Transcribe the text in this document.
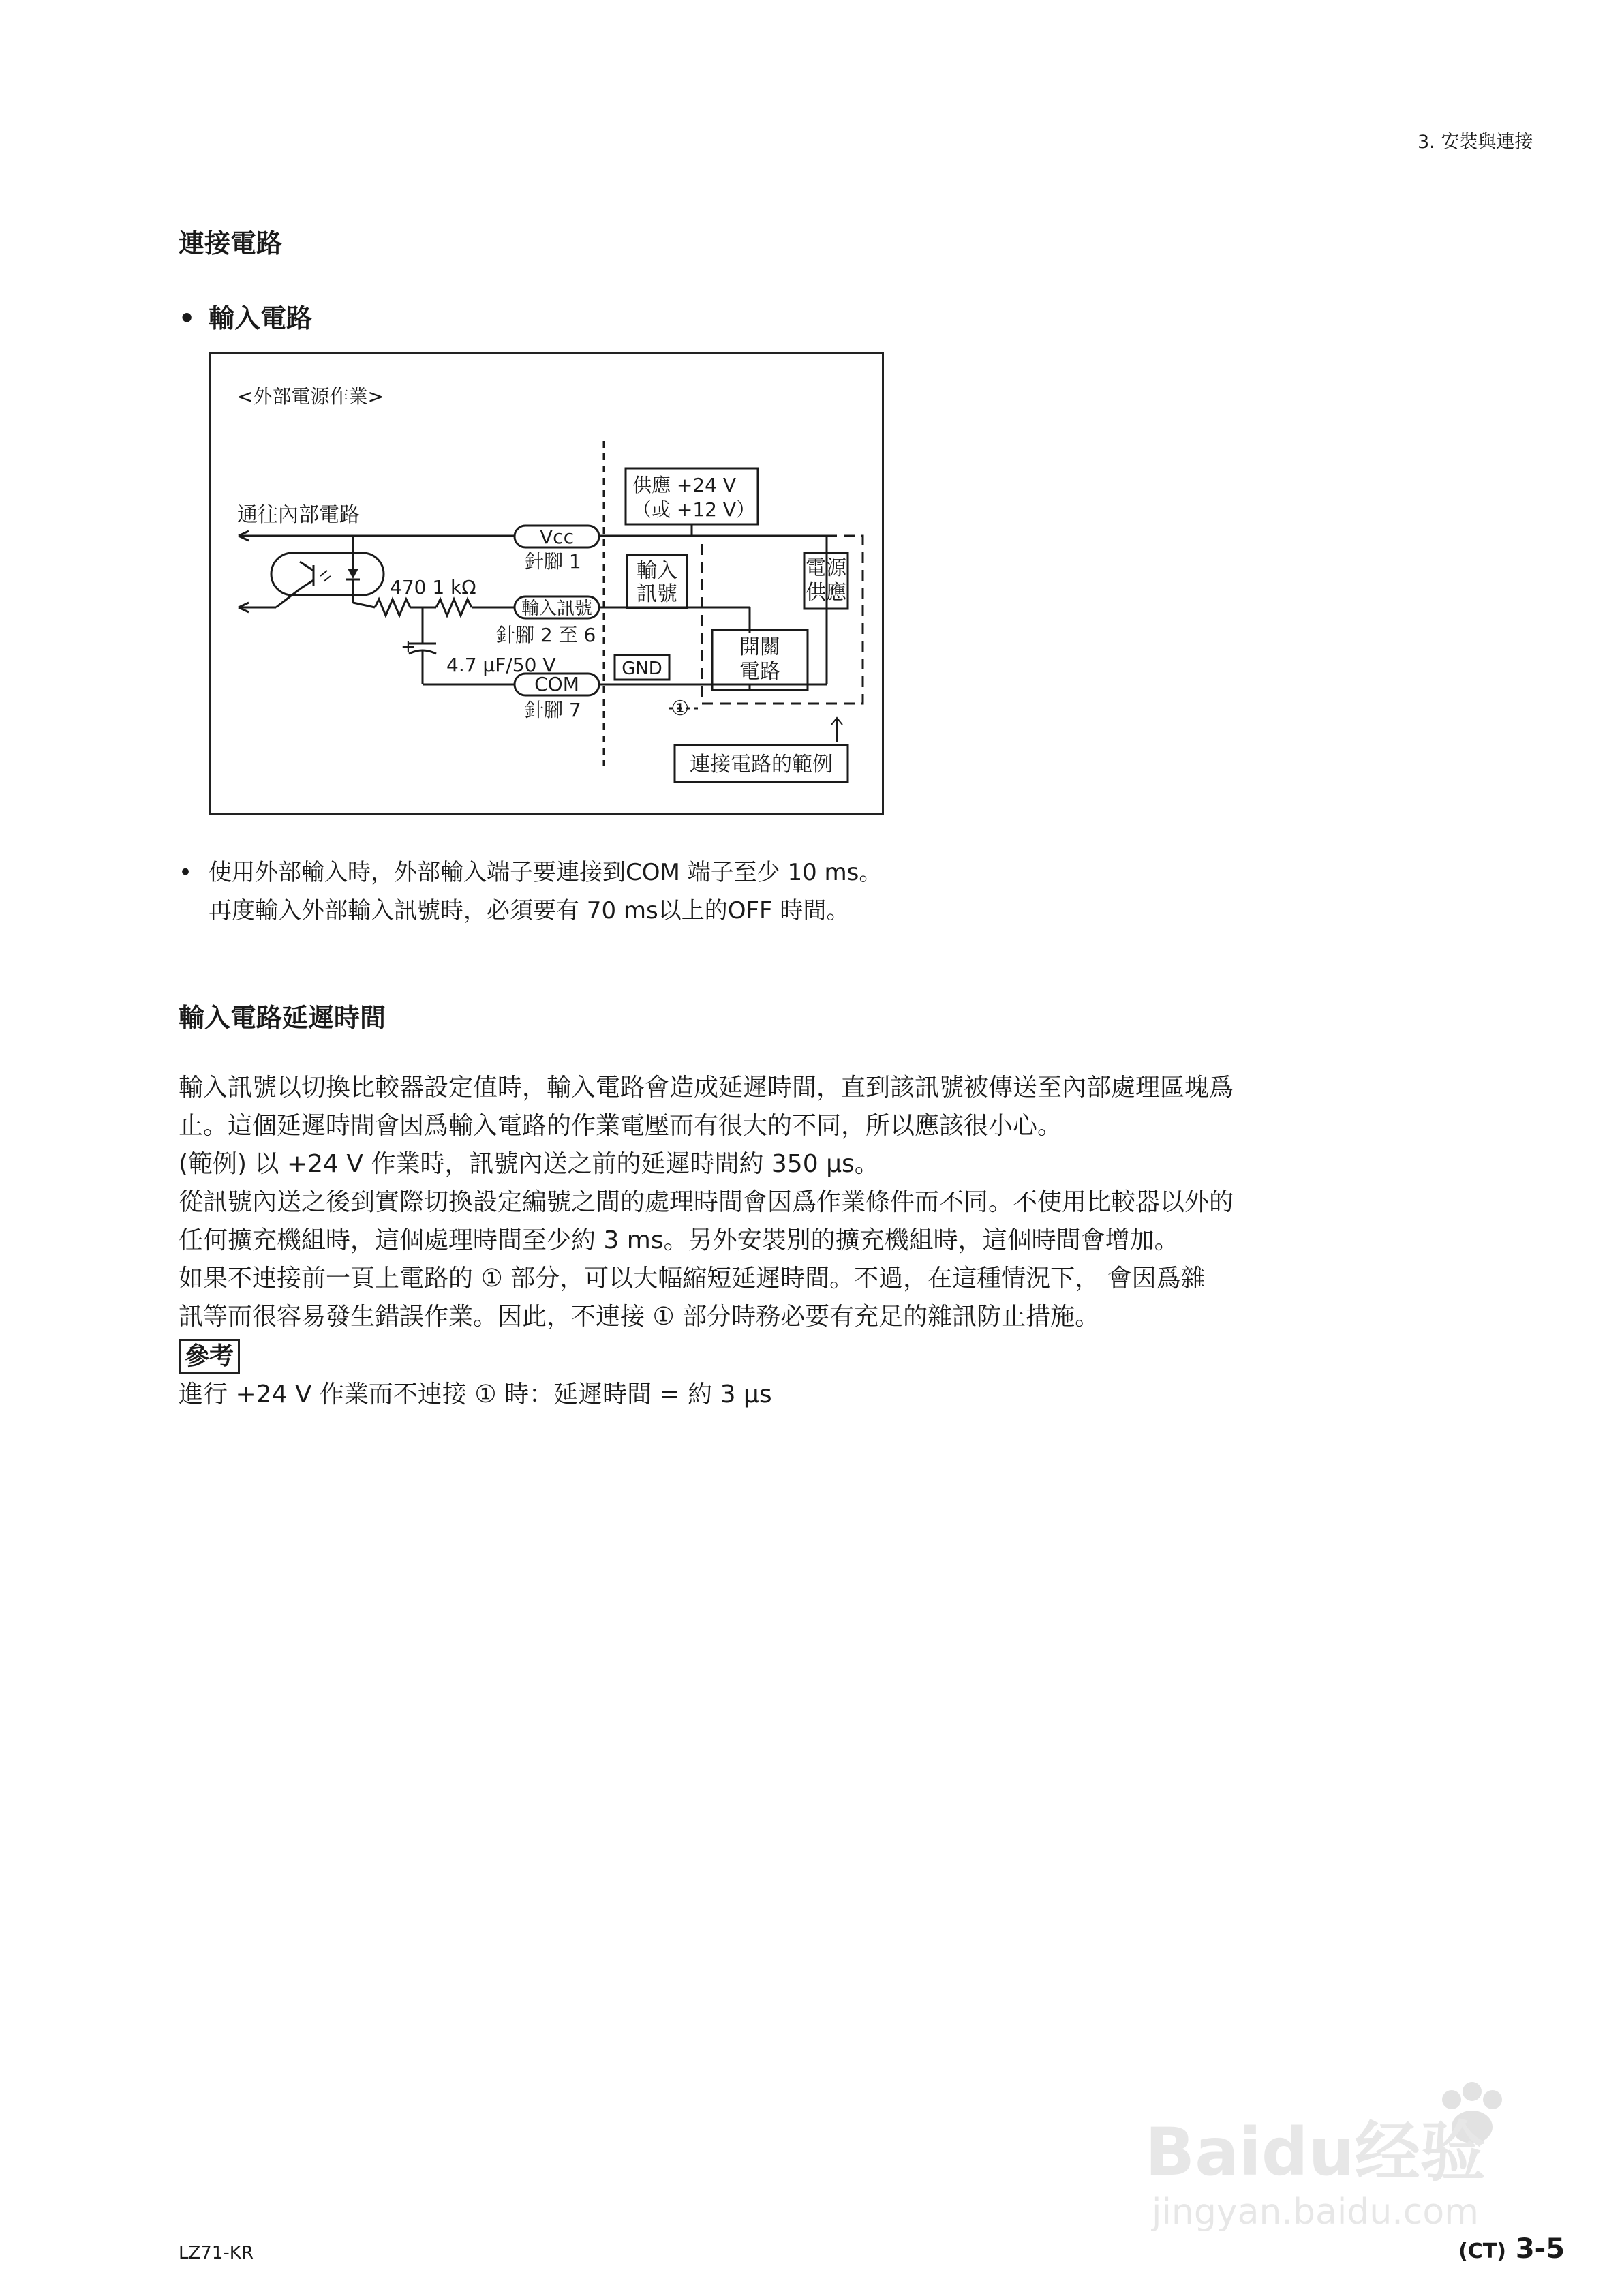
3. 安裝與連接
連接電路
• 輸入電路
<外部電源作業>
通往內部電路
470 1 kΩ
+
4.7 μF/50 V
Vcc
針腳 1
輸入訊號
針腳 2 至 6
COM
針腳 7
供應 +24 V
（或 +12 V）
輸入
訊號
GND
電源
供應
開關
電路
①
連接電路的範例
• 使用外部輸入時，外部輸入端子要連接到COM 端子至少 10 ms。
再度輸入外部輸入訊號時，必須要有 70 ms以上的OFF 時間。
輸入電路延遲時間

輸入訊號以切換比較器設定值時，輸入電路會造成延遲時間，直到該訊號被傳送至內部處理區塊爲

止。這個延遲時間會因爲輸入電路的作業電壓而有很大的不同，所以應該很小心。

(範例) 以 +24 V 作業時，訊號內送之前的延遲時間約 350 μs。

從訊號內送之後到實際切換設定編號之間的處理時間會因爲作業條件而不同。不使用比較器以外的

任何擴充機組時，這個處理時間至少約 3 ms。另外安裝別的擴充機組時，這個時間會增加。

如果不連接前一頁上電路的 ① 部分，可以大幅縮短延遲時間。不過，在這種情況下， 會因爲雜

訊等而很容易發生錯誤作業。因此，不連接 ① 部分時務必要有充足的雜訊防止措施。

參考

進行 +24 V 作業而不連接 ① 時：延遲時間 = 約 3 μs

Baidu经验
jingyan.baidu.com
LZ71-KR	(CT) 3-5
